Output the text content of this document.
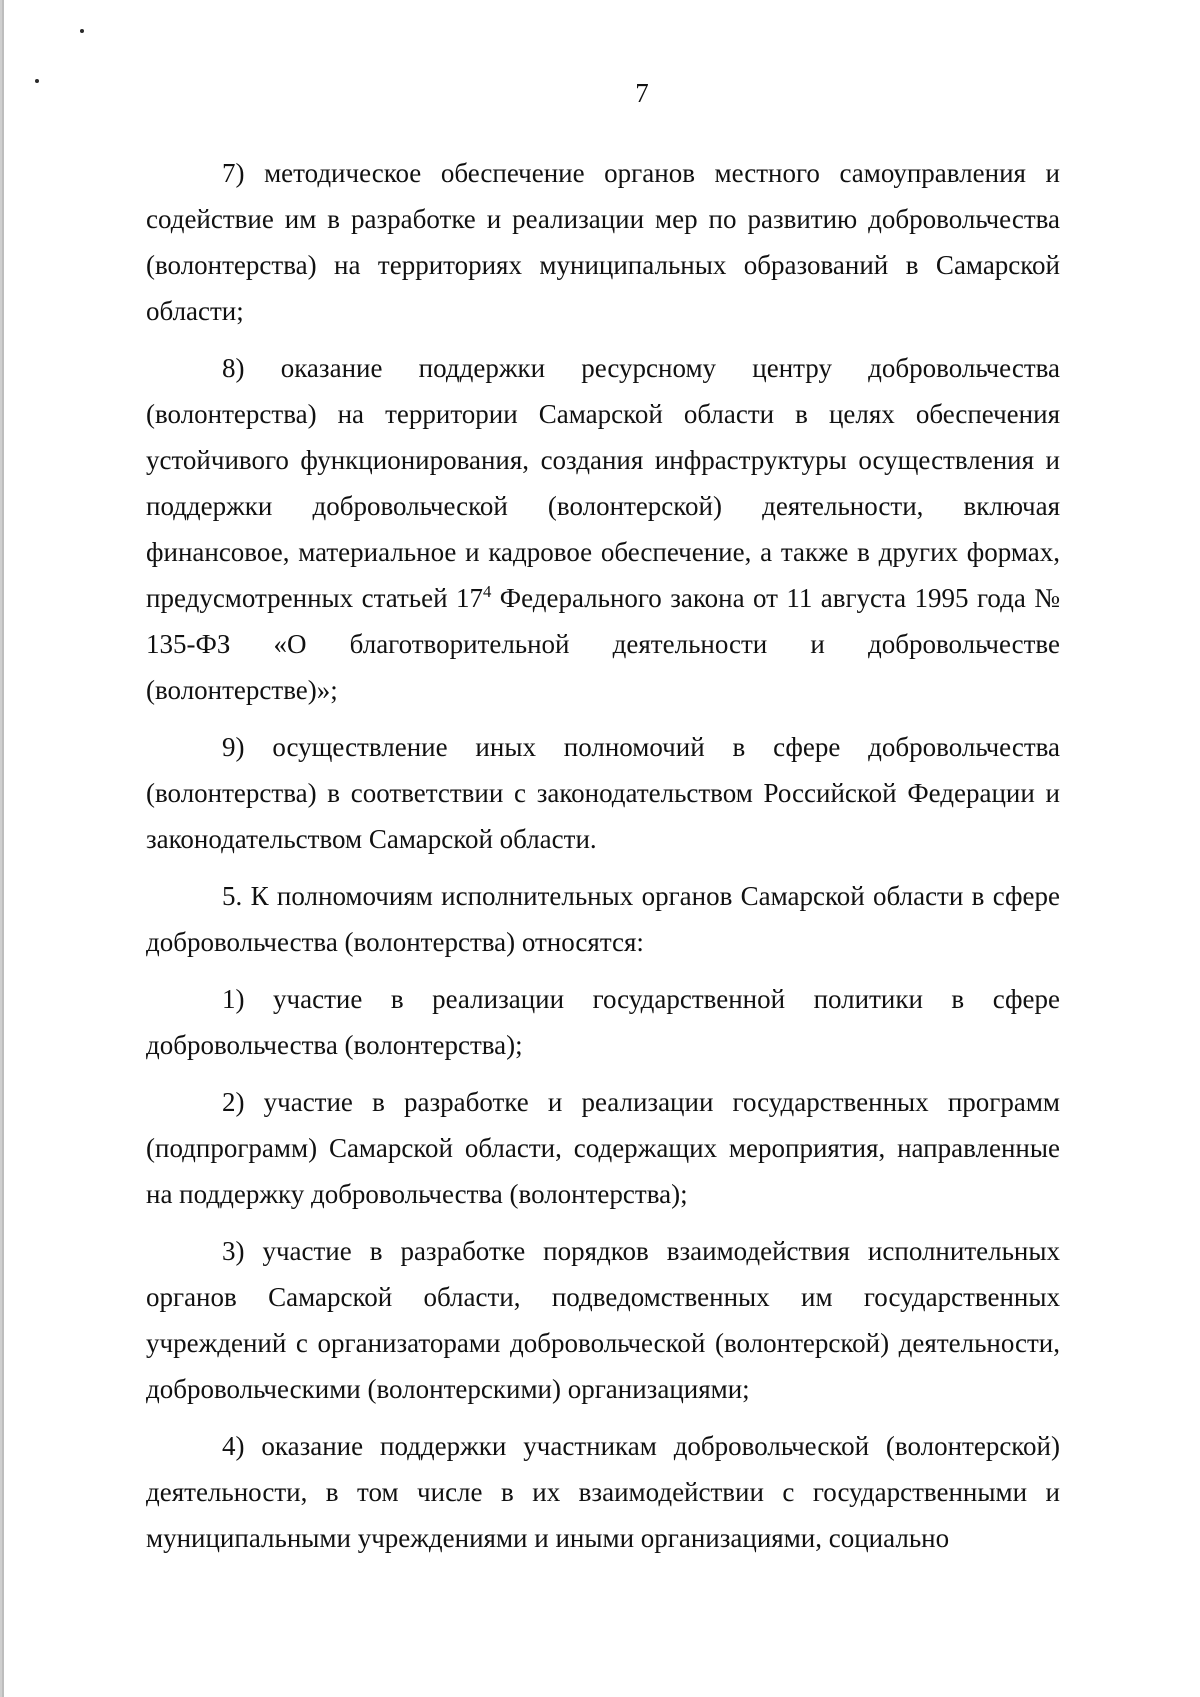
7

7) методическое обеспечение органов местного самоуправления и содействие им в разработке и реализации мер по развитию добровольчества (волонтерства) на территориях муниципальных образований в Самарской области;

8) оказание поддержки ресурсному центру добровольчества (волонтерства) на территории Самарской области в целях обеспечения устойчивого функционирования, создания инфраструктуры осуществления и поддержки добровольческой (волонтерской) деятельности, включая финансовое, материальное и кадровое обеспечение, а также в других формах, предусмотренных статьей $17^4$ Федерального закона от 11 августа 1995 года № 135-ФЗ «О благотворительной деятельности и добровольчестве (волонтерстве)»;

9) осуществление иных полномочий в сфере добровольчества (волонтерства) в соответствии с законодательством Российской Федерации и законодательством Самарской области.

5. К полномочиям исполнительных органов Самарской области в сфере добровольчества (волонтерства) относятся:

1) участие в реализации государственной политики в сфере добровольчества (волонтерства);

2) участие в разработке и реализации государственных программ (подпрограмм) Самарской области, содержащих мероприятия, направленные на поддержку добровольчества (волонтерства);

3) участие в разработке порядков взаимодействия исполнительных органов Самарской области, подведомственных им государственных учреждений с организаторами добровольческой (волонтерской) деятельности, добровольческими (волонтерскими) организациями;

4) оказание поддержки участникам добровольческой (волонтерской) деятельности, в том числе в их взаимодействии с государственными и муниципальными учреждениями и иными организациями, социально
